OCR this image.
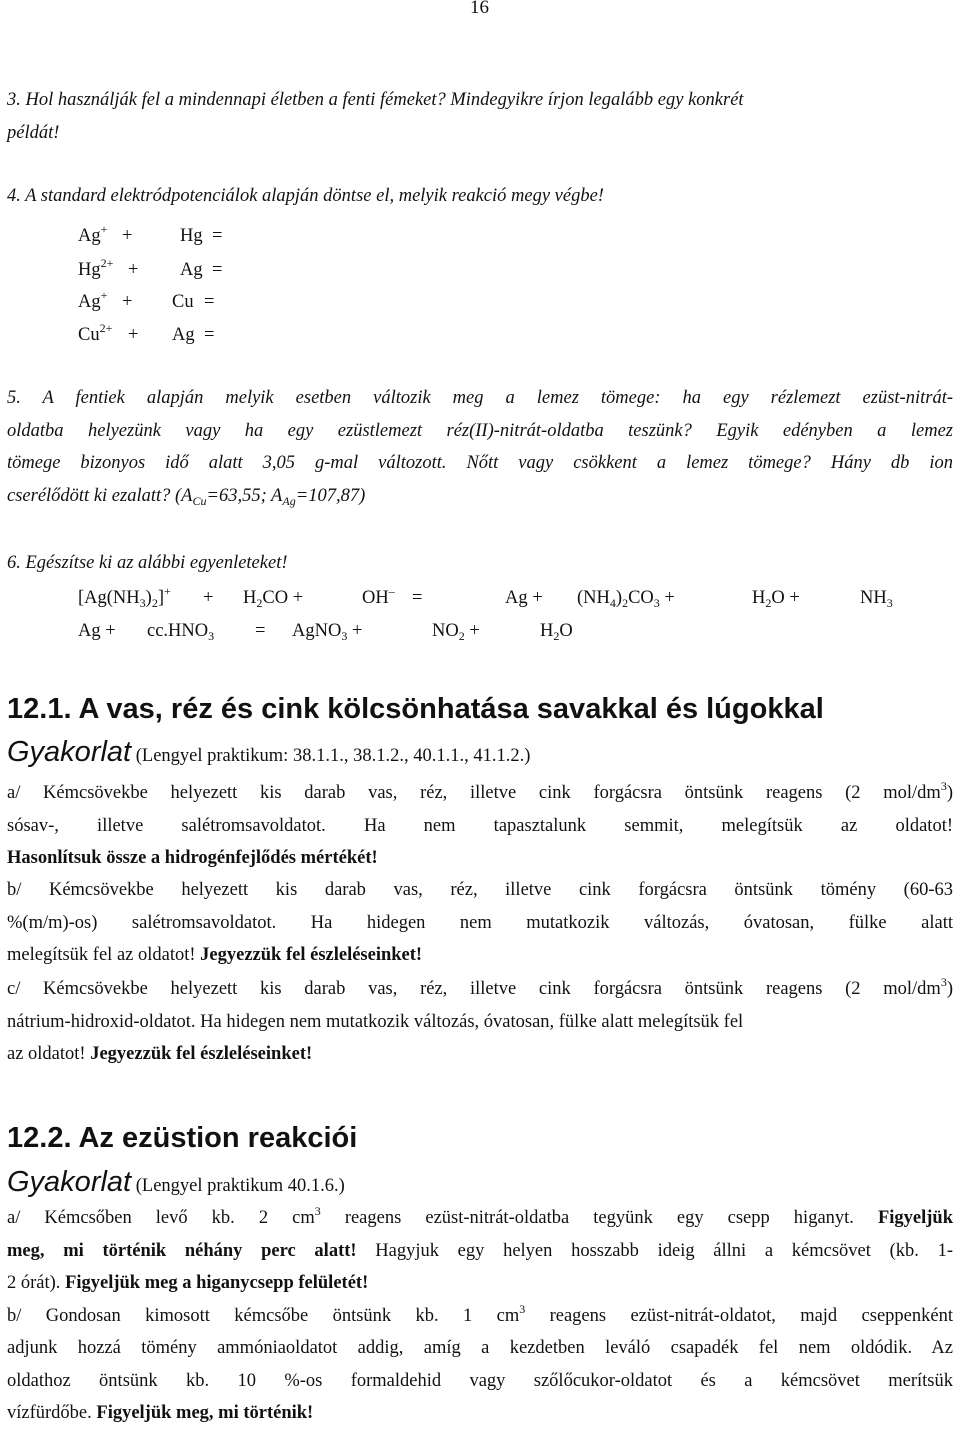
16
3. Hol használják fel a mindennapi életben a fenti fémeket? Mindegyikre írjon legalább egy konkrét
példát!
4. A standard elektródpotenciálok alapján döntse el, melyik reakció megy végbe!
Ag+ +	Hg =
$Hg^{2+} + Ag$ =
Ag+ + Cu =
$Cu^{2+} + Ag$ =
5. A fentiek alapján melyik esetben változik meg a lemez tömege: ha egy rézlemezt ezüst-nitrát-
oldatba helyezünk vagy ha egy ezüstlemezt réz(II)-nitrát-oldatba teszünk? Egyik edényben a lemez
tömege bizonyos idő alatt 3,05 g-mal változott. Nőtt vagy csökkent a lemez tömege? Hány db ion
cserélődött ki ezalatt? ($A_{Cu}=63,55$; $A_{Ag}=107,87$)
6. Egészítse ki az alábbi egyenleteket!
$[Ag(NH_3)_2]^+ + H_2CO$ +	OH– =	$Ag + (NH_4)_2CO_3$ +	$H_2O$ +	$NH_3$
$Ag + cc.HNO_3$ = AgNO$_3$ +	$NO_2$ +	$H_2O$
12.1. A vas, réz és cink kölcsönhatása savakkal és lúgokkal
Gyakorlat (Lengyel praktikum: 38.1.1., 38.1.2., 40.1.1., 41.1.2.)
a/ Kémcsövekbe helyezett kis darab vas, réz, illetve cink forgácsra öntsünk reagens (2 mol/$dm^3$)
sósav-, illetve salétromsavoldatot. Ha nem tapasztalunk semmit, melegítsük az oldatot!
Hasonlítsuk össze a hidrogénfejlődés mértékét!
b/ Kémcsövekbe helyezett kis darab vas, réz, illetve cink forgácsra öntsünk tömény (60-63
%(m/m)-os) salétromsavoldatot. Ha hidegen nem mutatkozik változás, óvatosan, fülke alatt
melegítsük fel az oldatot! Jegyezzük fel észleléseinket!
c/ Kémcsövekbe helyezett kis darab vas, réz, illetve cink forgácsra öntsünk reagens (2 mol/$dm^3$)
nátrium-hidroxid-oldatot. Ha hidegen nem mutatkozik változás, óvatosan, fülke alatt melegítsük fel
az oldatot! Jegyezzük fel észleléseinket!
12.2. Az ezüstion reakciói
Gyakorlat (Lengyel praktikum 40.1.6.)
a/ Kémcsőben levő kb. 2 $cm^3$ reagens ezüst-nitrát-oldatba tegyünk egy csepp higanyt. Figyeljük
meg, mi történik néhány perc alatt! Hagyjuk egy helyen hosszabb ideig állni a kémcsövet (kb. 1-
2 órát). Figyeljük meg a higanycsepp felületét!
b/ Gondosan kimosott kémcsőbe öntsünk kb. 1 $cm^3$ reagens ezüst-nitrát-oldatot, majd cseppenként
adjunk hozzá tömény ammóniaoldatot addig, amíg a kezdetben leváló csapadék fel nem oldódik. Az
oldathoz öntsünk kb. 10 %-os formaldehid vagy szőlőcukor-oldatot és a kémcsövet merítsük
vízfürdőbe. Figyeljük meg, mi történik!
